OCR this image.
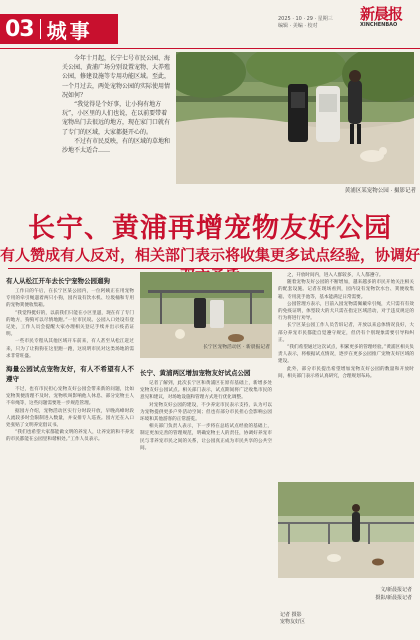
03 城事	2025 · 10 · 29 · 星期三
编辑 · 美编 · 校对
新晨报
XINCHENBAO

今年十月起，长宁七号市民公园、海关公园、黄浦广场分别设置宠物、大养殖公园，修建设施等专用功能区域。至此，一个月过去，两处宠物公园的实际使用情况如何？

“我觉得是个好事，让小狗有地方玩”，小区里的人们也说，在以前要带着宠物出门去很远的地方，现在家门口就有了专门的区域，大家都挺开心的。

不过有市民反映，有的区域的草地和沙地不太适合……

黄浦区某宠物公园 · 摄影记者
长宁、黄浦再增宠物友好公园
有人赞成有人反对，相关部门表示将收集更多试点经验，协调好

有人从松江开车去长宁宠物公园遛狗

工作日的午后，在长宁区某公园内，一位阿姨正在用宠物专用的牵引绳遛着两只小狗，园内设有饮水机、垃圾桶和专用的宠物粪便收集箱。

“我觉得挺好的，以前我们只能在小区里遛，现在有了专门的地方，狗狗可以尽情地跑。”一位市民说。公园入口处设有登记处，工作人员会提醒大家办理相关登记手续并出示疫苗证明。

一些市民专程从其他区域开车前来，有人甚至从松江赶过来，只为了让狗狗在这里跑一跑，这说明市民对这类场地的需求非常旺盛。

海量公园试点宠物友好，有人不希望有人不遵守

不过，也有市民担心宠物友好公园会带来新的问题，比如宠物粪便清理不及时、宠物吠叫影响他人休息、部分宠物主人不牵绳等，这些问题需要进一步规范管理。

据园方介绍，宠物活动区实行分时段开放，早晚高峰时段人流较多时会限制进入数量，并安排专人巡查。园方还在入口处张贴了文明养宠倡议书。

“我们也希望大家都能做文明的养宠人，让养宠的和不养宠的市民都能在公园里和谐相处。”工作人员表示。

长宁区宠物活动区 · 新晨报记者

长宁、黄浦两区增加宠物友好试点公园

记者了解到，此次长宁区和黄浦区在原有基础上，新增多处宠物友好公园试点。相关部门表示，试点期间将广泛收集市民的意见和建议，对场地设施和管理方式进行优化调整。

对宠物友好公园的建设，不少养宠市民表示支持，认为可以为宠物提供更多户外活动空间；但也有部分市民担心会影响公园环境和其他游客的正常游览。

相关部门负责人表示，下一步将在总结试点经验的基础上，制定更加完善的管理规范，明确宠物主人的责任，协调好养宠市民与非养宠市民之间的关系，让公园真正成为市民共享的公共空间。

之，开放时间内，进入人群较多，人人都遵守。

随着宠物友好公园的不断增加，越来越多的市民开始关注相关的配套设施。记者在现场看到，园内设有宠物饮水台、粪便收集箱、专用洗手池等，基本能满足日常需要。

公园管理方表示，目前入园宠物需佩戴牵引绳，犬只需有有效的免疫证明，体型较大的犬只需在指定区域活动，对于违反规定的行为将进行劝导。

长宁区某公园工作人员告诉记者，开放以来总体情况良好，大部分养宠市民都能自觉遵守规定，但仍有个别现象需要引导和纠正。

“我们希望通过这次试点，积累更多的管理经验。”黄浦区相关负责人表示，将根据试点情况，逐步在更多公园推广宠物友好区域的建设。

此外，部分市民提出希望增加宠物友好公园的数量和开放时间，相关部门表示将认真研究，合理规划布局。

文/新晨报记者
摄影/新晨报记者
记者 摄影
宠物友好区
